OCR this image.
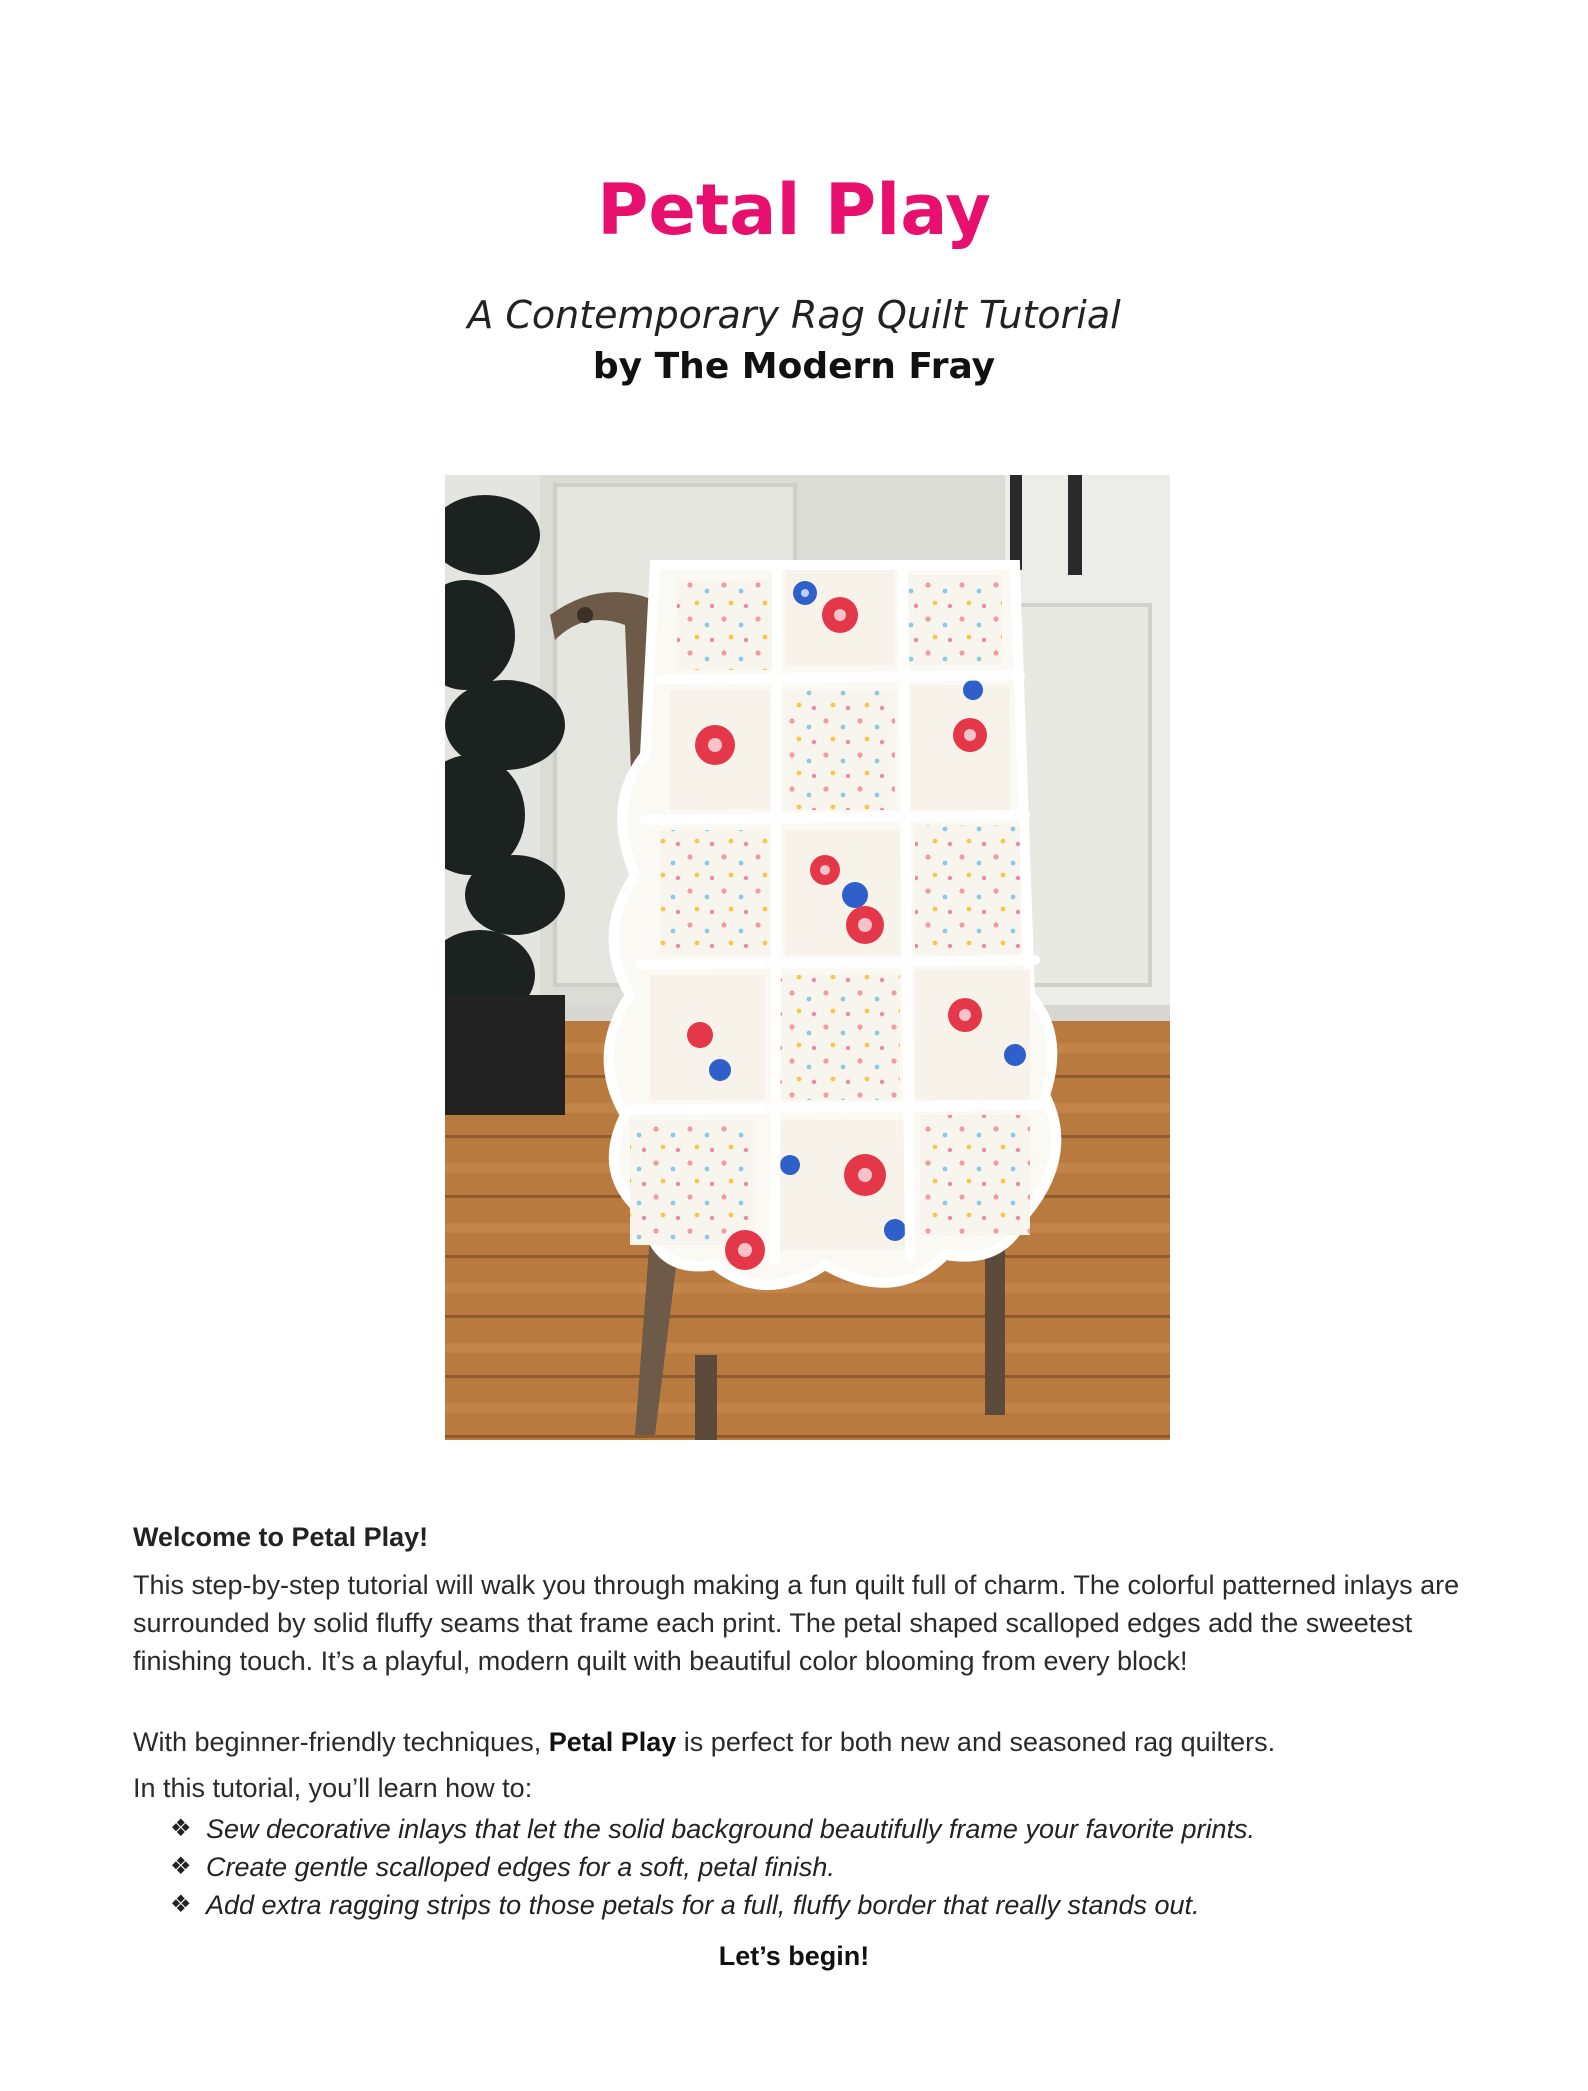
Petal Play

A Contemporary Rag Quilt Tutorial

by The Modern Fray

Welcome to Petal Play!

This step-by-step tutorial will walk you through making a fun quilt full of charm. The colorful patterned inlays are surrounded by solid fluffy seams that frame each print. The petal shaped scalloped edges add the sweetest finishing touch. It’s a playful, modern quilt with beautiful color blooming from every block!

With beginner-friendly techniques, Petal Play is perfect for both new and seasoned rag quilters.

In this tutorial, you’ll learn how to:

❖ Sew decorative inlays that let the solid background beautifully frame your favorite prints.
❖ Create gentle scalloped edges for a soft, petal finish.
❖ Add extra ragging strips to those petals for a full, fluffy border that really stands out.

Let’s begin!
